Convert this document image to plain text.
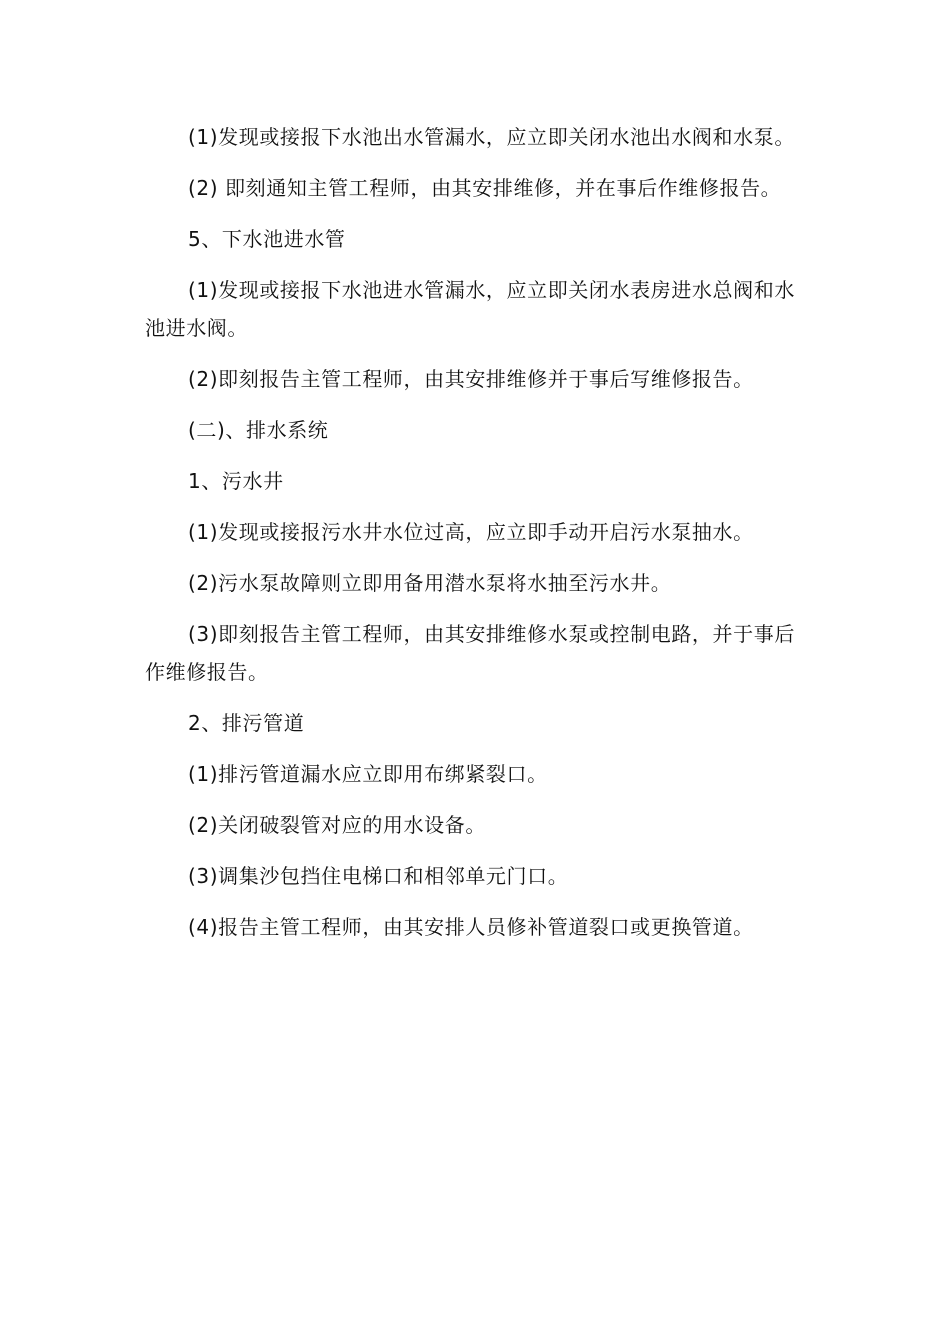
(1)发现或接报下水池出水管漏水，应立即关闭水池出水阀和水泵。

(2) 即刻通知主管工程师，由其安排维修，并在事后作维修报告。

5、下水池进水管

(1)发现或接报下水池进水管漏水，应立即关闭水表房进水总阀和水池进水阀。

(2)即刻报告主管工程师，由其安排维修并于事后写维修报告。

(二)、排水系统

1、污水井

(1)发现或接报污水井水位过高，应立即手动开启污水泵抽水。

(2)污水泵故障则立即用备用潜水泵将水抽至污水井。

(3)即刻报告主管工程师，由其安排维修水泵或控制电路，并于事后作维修报告。

2、排污管道

(1)排污管道漏水应立即用布绑紧裂口。

(2)关闭破裂管对应的用水设备。

(3)调集沙包挡住电梯口和相邻单元门口。

(4)报告主管工程师，由其安排人员修补管道裂口或更换管道。
